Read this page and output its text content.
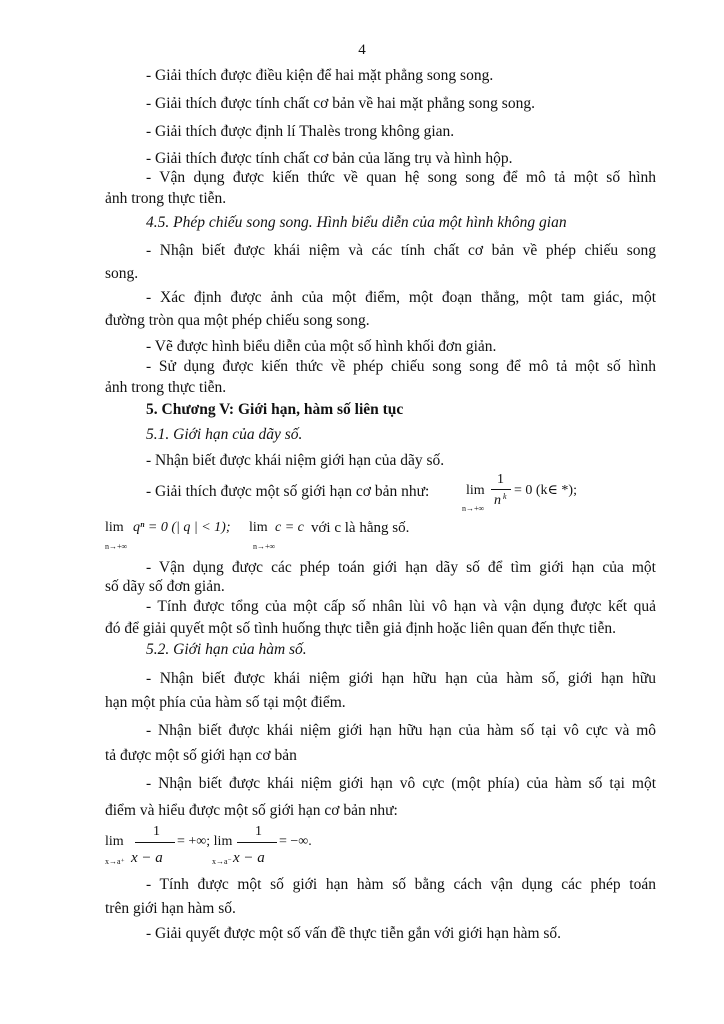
4
- Giải thích được điều kiện để hai mặt phẳng song song.
- Giải thích được tính chất cơ bản về hai mặt phẳng song song.
- Giải thích được định lí Thalès trong không gian.
- Giải thích được tính chất cơ bản của lăng trụ và hình hộp.
- Vận dụng được kiến thức về quan hệ song song để mô tả một số hình
ảnh trong thực tiễn.
4.5. Phép chiếu song song. Hình biểu diễn của một hình không gian
- Nhận biết được khái niệm và các tính chất cơ bản về phép chiếu song
song.
- Xác định được ảnh của một điểm, một đoạn thẳng, một tam giác, một
đường tròn qua một phép chiếu song song.
- Vẽ được hình biểu diễn của một số hình khối đơn giản.
- Sử dụng được kiến thức về phép chiếu song song để mô tả một số hình
ảnh trong thực tiễn.
5. Chương V: Giới hạn, hàm số liên tục
5.1. Giới hạn của dãy số.
- Nhận biết được khái niệm giới hạn của dãy số.
- Giải thích được một số giới hạn cơ bản như:	lim
n→+∞
1
n k = 0 (k∈ *);
lim
n→+∞
qⁿ = 0 (| q | < 1); lim
n→+∞
c = c với c là hằng số.
- Vận dụng được các phép toán giới hạn dãy số để tìm giới hạn của một
số dãy số đơn giản.
- Tính được tổng của một cấp số nhân lùi vô hạn và vận dụng được kết quả
đó để giải quyết một số tình huống thực tiễn giả định hoặc liên quan đến thực tiễn.
5.2. Giới hạn của hàm số.
- Nhận biết được khái niệm giới hạn hữu hạn của hàm số, giới hạn hữu
hạn một phía của hàm số tại một điểm.
- Nhận biết được khái niệm giới hạn hữu hạn của hàm số tại vô cực và mô
tả được một số giới hạn cơ bản
- Nhận biết được khái niệm giới hạn vô cực (một phía) của hàm số tại một
điểm và hiểu được một số giới hạn cơ bản như:
lim
x→a⁺
1
x − a
= +∞; lim
x→a⁻
1
x − a
= −∞.
- Tính được một số giới hạn hàm số bằng cách vận dụng các phép toán
trên giới hạn hàm số.
- Giải quyết được một số vấn đề thực tiễn gắn với giới hạn hàm số.
